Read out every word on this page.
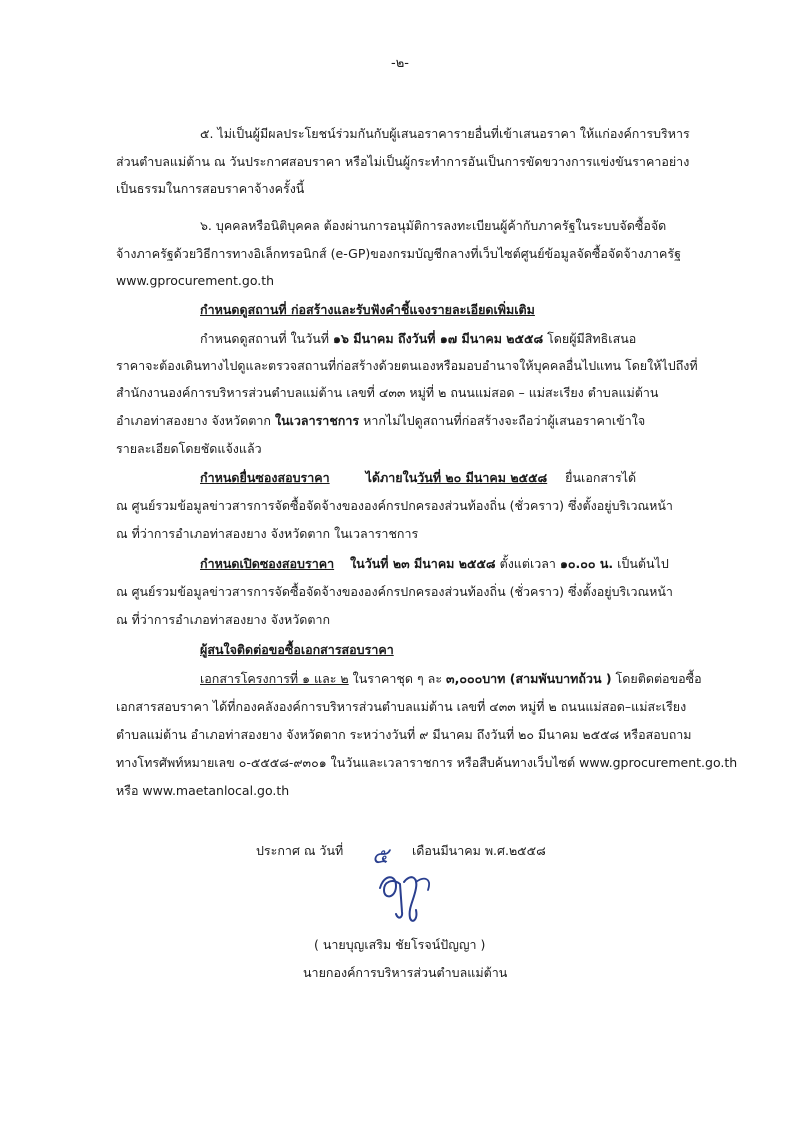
-๒-
๕. ไม่เป็นผู้มีผลประโยชน์ร่วมกันกับผู้เสนอราคารายอื่นที่เข้าเสนอราคา ให้แก่องค์การบริหาร
ส่วนตำบลแม่ต้าน ณ วันประกาศสอบราคา หรือไม่เป็นผู้กระทำการอันเป็นการขัดขวางการแข่งขันราคาอย่าง
เป็นธรรมในการสอบราคาจ้างครั้งนี้
๖. บุคคลหรือนิติบุคคล ต้องผ่านการอนุมัติการลงทะเบียนผู้ค้ากับภาครัฐในระบบจัดซื้อจัด
จ้างภาครัฐด้วยวิธีการทางอิเล็กทรอนิกส์ (e-GP)ของกรมบัญชีกลางที่เว็บไซต์ศูนย์ข้อมูลจัดซื้อจัดจ้างภาครัฐ
www.gprocurement.go.th
กำหนดดูสถานที่ ก่อสร้างและรับฟังคำชี้แจงรายละเอียดเพิ่มเติม
กำหนดดูสถานที่ ในวันที่ ๑๖ มีนาคม ถึงวันที่ ๑๗ มีนาคม ๒๕๕๘ โดยผู้มีสิทธิเสนอ
ราคาจะต้องเดินทางไปดูและตรวจสถานที่ก่อสร้างด้วยตนเองหรือมอบอำนาจให้บุคคลอื่นไปแทน โดยให้ไปถึงที่
สำนักงานองค์การบริหารส่วนตำบลแม่ต้าน เลขที่ ๔๓๓ หมู่ที่ ๒ ถนนแม่สอด – แม่สะเรียง ตำบลแม่ต้าน
อำเภอท่าสองยาง จังหวัดตาก ในเวลาราชการ หากไม่ไปดูสถานที่ก่อสร้างจะถือว่าผู้เสนอราคาเข้าใจ
รายละเอียดโดยชัดแจ้งแล้ว
กำหนดยื่นซองสอบราคา	ได้ภายในวันที่ ๒๐ มีนาคม ๒๕๕๘ ยื่นเอกสารได้
ณ ศูนย์รวมข้อมูลข่าวสารการจัดซื้อจัดจ้างขององค์กรปกครองส่วนท้องถิ่น (ชั่วคราว) ซึ่งตั้งอยู่บริเวณหน้า
ณ ที่ว่าการอำเภอท่าสองยาง จังหวัดตาก ในเวลาราชการ
กำหนดเปิดซองสอบราคา ในวันที่ ๒๓ มีนาคม ๒๕๕๘ ตั้งแต่เวลา ๑๐.๐๐ น. เป็นต้นไป
ณ ศูนย์รวมข้อมูลข่าวสารการจัดซื้อจัดจ้างขององค์กรปกครองส่วนท้องถิ่น (ชั่วคราว) ซึ่งตั้งอยู่บริเวณหน้า
ณ ที่ว่าการอำเภอท่าสองยาง จังหวัดตาก
ผู้สนใจติดต่อขอซื้อเอกสารสอบราคา
เอกสารโครงการที่ ๑ และ ๒ ในราคาชุด ๆ ละ ๓,๐๐๐บาท (สามพันบาทถ้วน ) โดยติดต่อขอซื้อ
เอกสารสอบราคา ได้ที่กองคลังองค์การบริหารส่วนตำบลแม่ต้าน เลขที่ ๔๓๓ หมู่ที่ ๒ ถนนแม่สอด–แม่สะเรียง
ตำบลแม่ต้าน อำเภอท่าสองยาง จังหวัดตาก ระหว่างวันที่ ๙ มีนาคม ถึงวันที่ ๒๐ มีนาคม ๒๕๕๘ หรือสอบถาม
ทางโทรศัพท์หมายเลข ๐-๕๕๕๘-๙๓๐๑ ในวันและเวลาราชการ หรือสืบค้นทางเว็บไซต์ www.gprocurement.go.th
หรือ www.maetanlocal.go.th
ประกาศ ณ วันที่ ๕ เดือนมีนาคม พ.ศ.๒๕๕๘
( นายบุญเสริม ชัยโรจน์ปัญญา )
นายกองค์การบริหารส่วนตำบลแม่ต้าน
